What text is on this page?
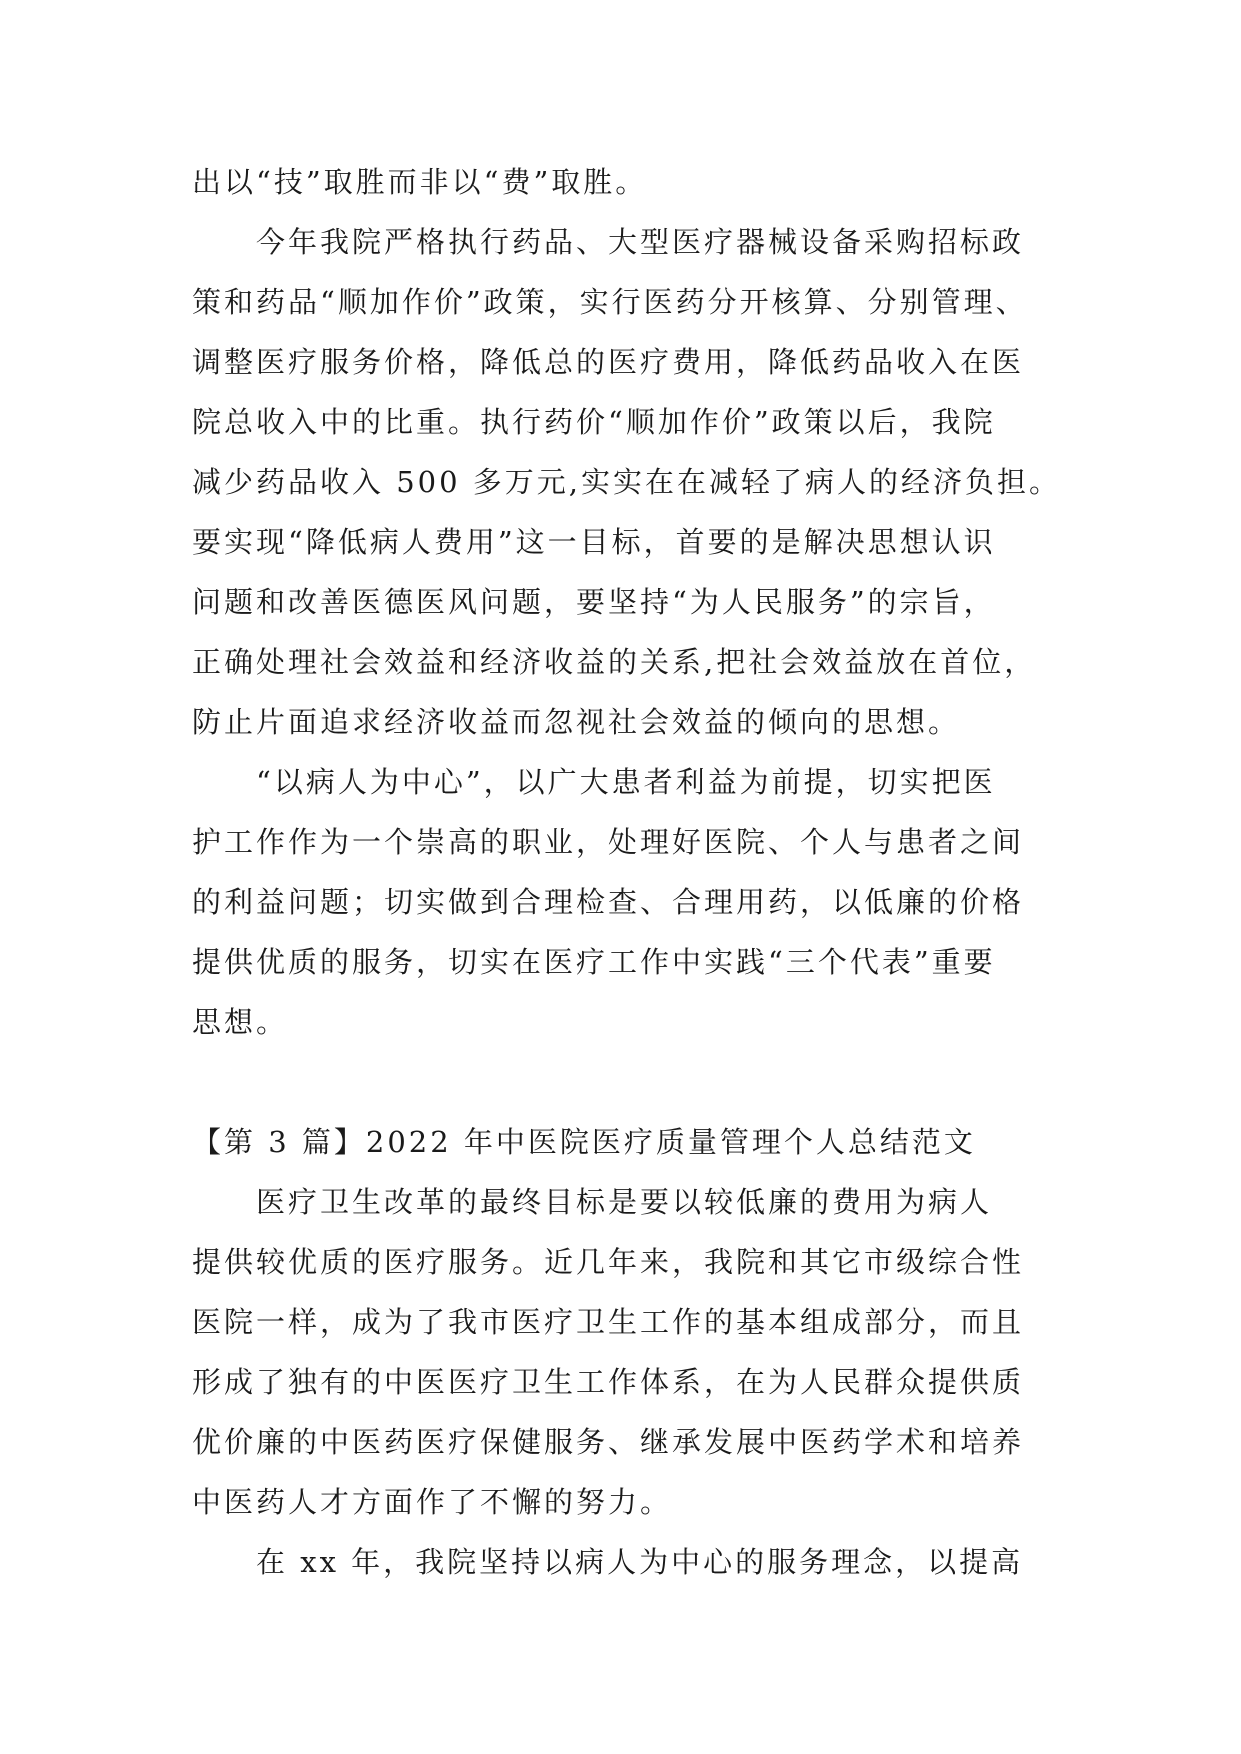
出以“技”取胜而非以“费”取胜。
今年我院严格执行药品、大型医疗器械设备采购招标政
策和药品“顺加作价”政策，实行医药分开核算、分别管理、
调整医疗服务价格，降低总的医疗费用，降低药品收入在医
院总收入中的比重。执行药价“顺加作价”政策以后，我院
减少药品收入 500 多万元,实实在在减轻了病人的经济负担。
要实现“降低病人费用”这一目标，首要的是解决思想认识
问题和改善医德医风问题，要坚持“为人民服务”的宗旨，
正确处理社会效益和经济收益的关系,把社会效益放在首位，
防止片面追求经济收益而忽视社会效益的倾向的思想。
“以病人为中心”，以广大患者利益为前提，切实把医
护工作作为一个崇高的职业，处理好医院、个人与患者之间
的利益问题；切实做到合理检查、合理用药，以低廉的价格
提供优质的服务，切实在医疗工作中实践“三个代表”重要
思想。
【第 3 篇】2022 年中医院医疗质量管理个人总结范文
医疗卫生改革的最终目标是要以较低廉的费用为病人
提供较优质的医疗服务。近几年来，我院和其它市级综合性
医院一样，成为了我市医疗卫生工作的基本组成部分，而且
形成了独有的中医医疗卫生工作体系，在为人民群众提供质
优价廉的中医药医疗保健服务、继承发展中医药学术和培养
中医药人才方面作了不懈的努力。
在 xx 年，我院坚持以病人为中心的服务理念，以提高
